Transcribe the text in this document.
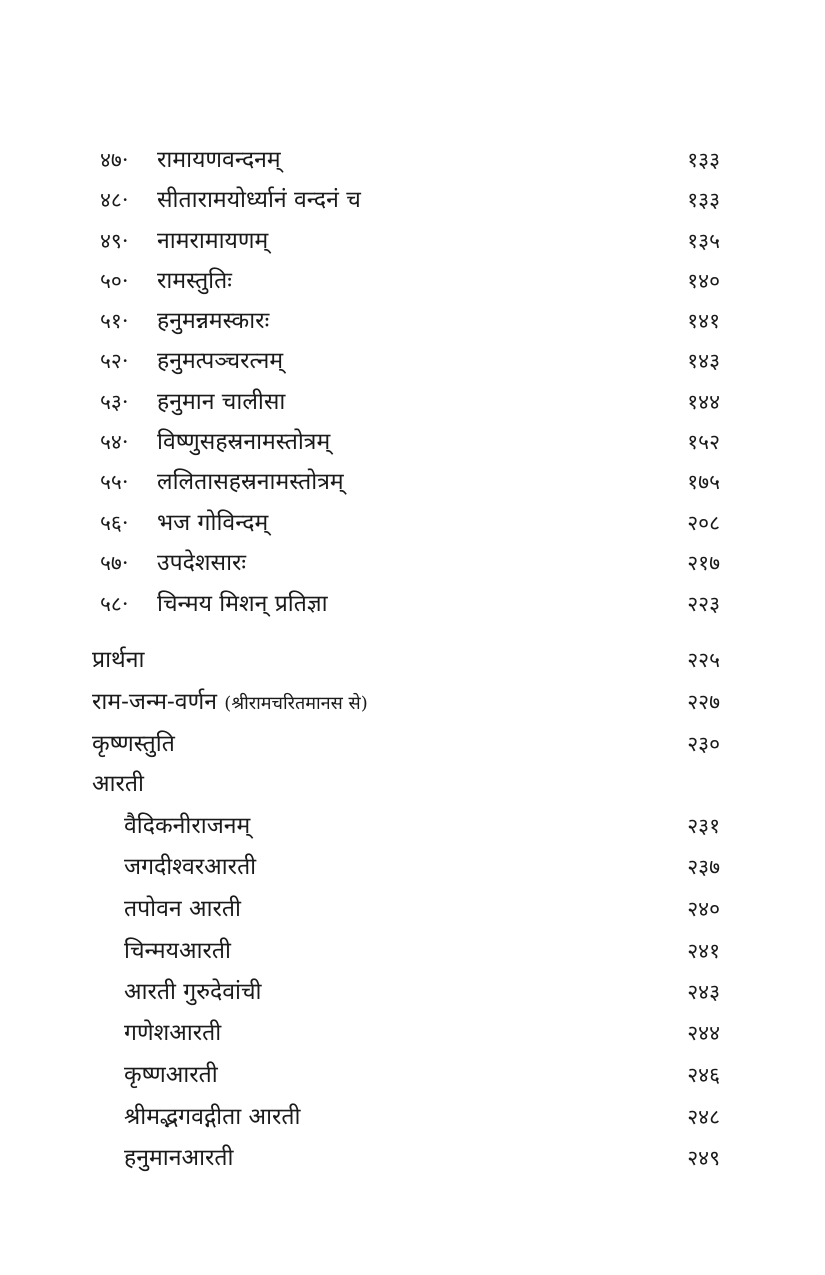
४७·	रामायणवन्दनम्	१३३
४८·	सीतारामयोर्ध्यानं वन्दनं च	१३३
४९·	नामरामायणम्	१३५
५०·	रामस्तुतिः	१४०
५१·	हनुमन्नमस्कारः	१४१
५२·	हनुमत्पञ्चरत्नम्	१४३
५३·	हनुमान चालीसा	१४४
५४·	विष्णुसहस्रनामस्तोत्रम्	१५२
५५·	ललितासहस्रनामस्तोत्रम्	१७५
५६·	भज गोविन्दम्	२०८
५७·	उपदेशसारः	२१७
५८·	चिन्मय मिशन् प्रतिज्ञा	२२३
प्रार्थना	२२५
राम-जन्म-वर्णन (श्रीरामचरितमानस से)	२२७
कृष्णस्तुति	२३०
आरती
वैदिकनीराजनम्	२३१
जगदीश्वरआरती	२३७
तपोवन आरती	२४०
चिन्मयआरती	२४१
आरती गुरुदेवांची	२४३
गणेशआरती	२४४
कृष्णआरती	२४६
श्रीमद्भगवद्गीता आरती	२४८
हनुमानआरती	२४९
